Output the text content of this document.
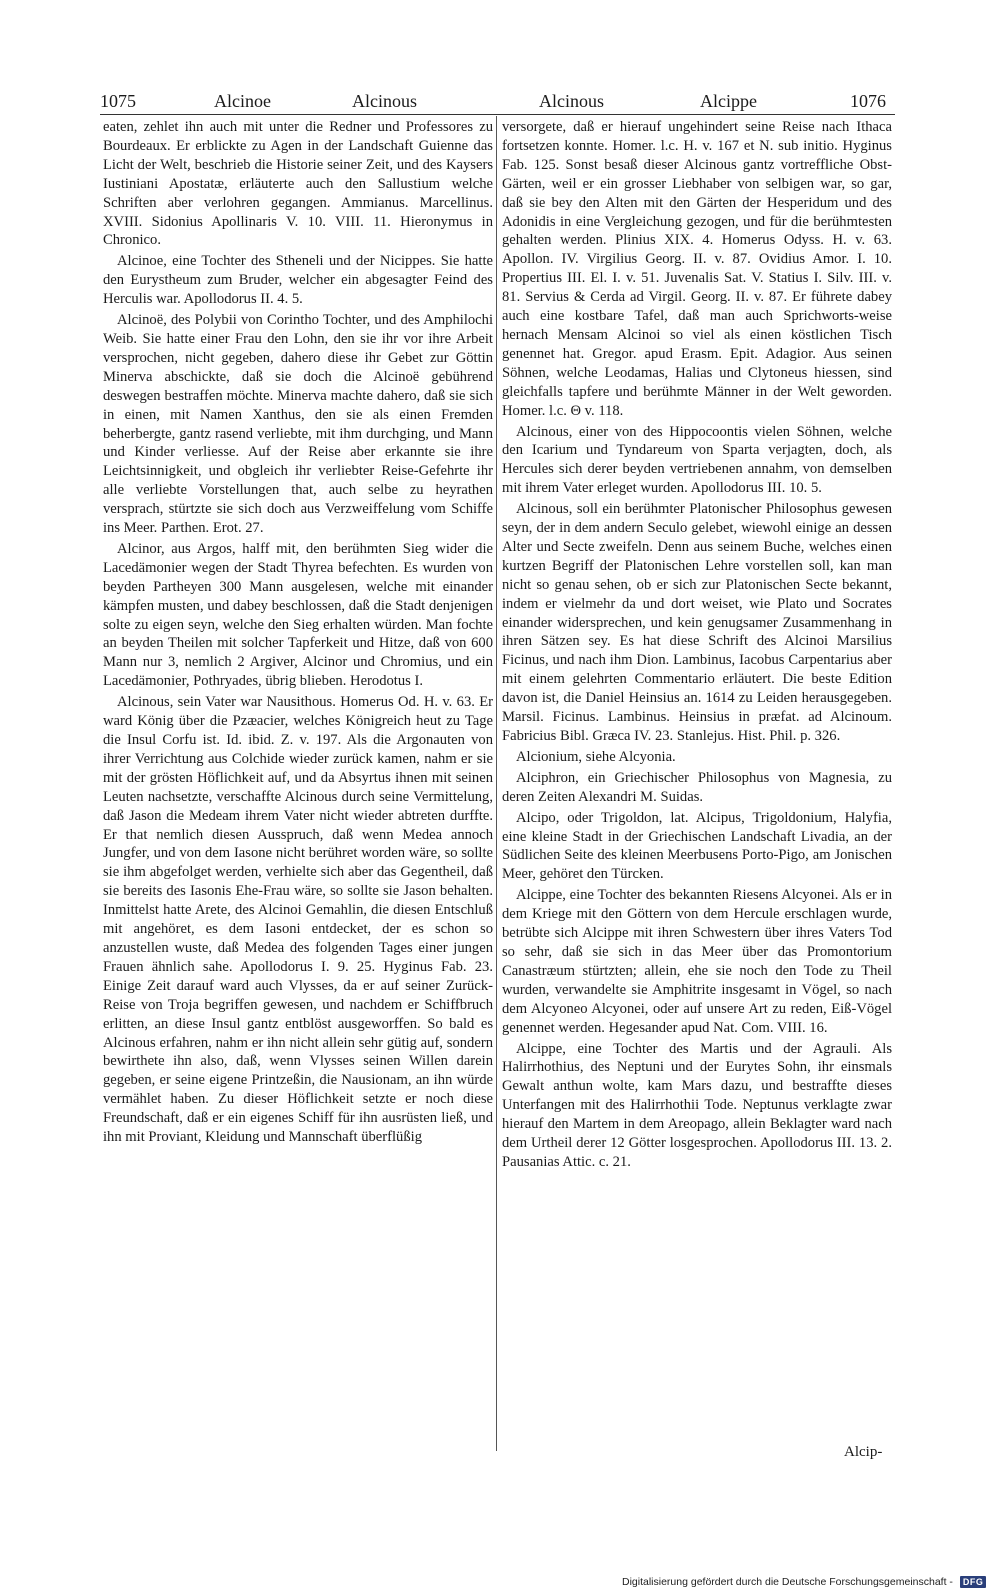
1075	Alcinoe	Alcinous	Alcinous	Alcippe	1076

eaten, zehlet ihn auch mit unter die Redner und Professores zu Bourdeaux. Er erblickte zu Agen in der Landschaft Guienne das Licht der Welt, beschrieb die Historie seiner Zeit, und des Kaysers Iustiniani Apostatæ, erläuterte auch den Sallustium welche Schriften aber verlohren gegangen. Ammianus. Marcellinus. XVIII. Sidonius Apollinaris V. 10. VIII. 11. Hieronymus in Chronico.

Alcinoe, eine Tochter des Stheneli und der Nicippes. Sie hatte den Eurystheum zum Bruder, welcher ein abgesagter Feind des Herculis war. Apollodorus II. 4. 5.

Alcinoë, des Polybii von Corintho Tochter, und des Amphilochi Weib. Sie hatte einer Frau den Lohn, den sie ihr vor ihre Arbeit versprochen, nicht gegeben, dahero diese ihr Gebet zur Göttin Minerva abschickte, daß sie doch die Alcinoë gebührend deswegen bestraffen möchte. Minerva machte dahero, daß sie sich in einen, mit Namen Xanthus, den sie als einen Fremden beherbergte, gantz rasend verliebte, mit ihm durchging, und Mann und Kinder verliesse. Auf der Reise aber erkannte sie ihre Leichtsinnigkeit, und obgleich ihr verliebter Reise-Gefehrte ihr alle verliebte Vorstellungen that, auch selbe zu heyrathen versprach, stürtzte sie sich doch aus Verzweiffelung vom Schiffe ins Meer. Parthen. Erot. 27.

Alcinor, aus Argos, halff mit, den berühmten Sieg wider die Lacedämonier wegen der Stadt Thyrea befechten. Es wurden von beyden Partheyen 300 Mann ausgelesen, welche mit einander kämpfen musten, und dabey beschlossen, daß die Stadt denjenigen solte zu eigen seyn, welche den Sieg erhalten würden. Man fochte an beyden Theilen mit solcher Tapferkeit und Hitze, daß von 600 Mann nur 3, nemlich 2 Argiver, Alcinor und Chromius, und ein Lacedämonier, Pothryades, übrig blieben. Herodotus I.

Alcinous, sein Vater war Nausithous. Homerus Od. H. v. 63. Er ward König über die Pzæacier, welches Königreich heut zu Tage die Insul Corfu ist. Id. ibid. Z. v. 197. Als die Argonauten von ihrer Verrichtung aus Colchide wieder zurück kamen, nahm er sie mit der grösten Höflichkeit auf, und da Absyrtus ihnen mit seinen Leuten nachsetzte, verschaffte Alcinous durch seine Vermittelung, daß Jason die Medeam ihrem Vater nicht wieder abtreten durffte. Er that nemlich diesen Ausspruch, daß wenn Medea annoch Jungfer, und von dem Iasone nicht berühret worden wäre, so sollte sie ihm abgefolget werden, verhielte sich aber das Gegentheil, daß sie bereits des Iasonis Ehe-Frau wäre, so sollte sie Jason behalten. Inmittelst hatte Arete, des Alcinoi Gemahlin, die diesen Entschluß mit angehöret, es dem Iasoni entdecket, der es schon so anzustellen wuste, daß Medea des folgenden Tages einer jungen Frauen ähnlich sahe. Apollodorus I. 9. 25. Hyginus Fab. 23. Einige Zeit darauf ward auch Vlysses, da er auf seiner Zurück-Reise von Troja begriffen gewesen, und nachdem er Schiffbruch erlitten, an diese Insul gantz entblöst ausgeworffen. So bald es Alcinous erfahren, nahm er ihn nicht allein sehr gütig auf, sondern bewirthete ihn also, daß, wenn Vlysses seinen Willen darein gegeben, er seine eigene Printzeßin, die Nausionam, an ihn würde vermählet haben. Zu dieser Höflichkeit setzte er noch diese Freundschaft, daß er ein eigenes Schiff für ihn ausrüsten ließ, und ihn mit Proviant, Kleidung und Mannschaft überflüßig

versorgete, daß er hierauf ungehindert seine Reise nach Ithaca fortsetzen konnte. Homer. l.c. H. v. 167 et N. sub initio. Hyginus Fab. 125. Sonst besaß dieser Alcinous gantz vortreffliche Obst-Gärten, weil er ein grosser Liebhaber von selbigen war, so gar, daß sie bey den Alten mit den Gärten der Hesperidum und des Adonidis in eine Vergleichung gezogen, und für die berühmtesten gehalten werden. Plinius XIX. 4. Homerus Odyss. H. v. 63. Apollon. IV. Virgilius Georg. II. v. 87. Ovidius Amor. I. 10. Propertius III. El. I. v. 51. Juvenalis Sat. V. Statius I. Silv. III. v. 81. Servius & Cerda ad Virgil. Georg. II. v. 87. Er führete dabey auch eine kostbare Tafel, daß man auch Sprichworts-weise hernach Mensam Alcinoi so viel als einen köstlichen Tisch genennet hat. Gregor. apud Erasm. Epit. Adagior. Aus seinen Söhnen, welche Leodamas, Halias und Clytoneus hiessen, sind gleichfalls tapfere und berühmte Männer in der Welt geworden. Homer. l.c. Θ v. 118.

Alcinous, einer von des Hippocoontis vielen Söhnen, welche den Icarium und Tyndareum von Sparta verjagten, doch, als Hercules sich derer beyden vertriebenen annahm, von demselben mit ihrem Vater erleget wurden. Apollodorus III. 10. 5.

Alcinous, soll ein berühmter Platonischer Philosophus gewesen seyn, der in dem andern Seculo gelebet, wiewohl einige an dessen Alter und Secte zweifeln. Denn aus seinem Buche, welches einen kurtzen Begriff der Platonischen Lehre vorstellen soll, kan man nicht so genau sehen, ob er sich zur Platonischen Secte bekannt, indem er vielmehr da und dort weiset, wie Plato und Socrates einander widersprechen, und kein genugsamer Zusammenhang in ihren Sätzen sey. Es hat diese Schrift des Alcinoi Marsilius Ficinus, und nach ihm Dion. Lambinus, Iacobus Carpentarius aber mit einem gelehrten Commentario erläutert. Die beste Edition davon ist, die Daniel Heinsius an. 1614 zu Leiden herausgegeben. Marsil. Ficinus. Lambinus. Heinsius in præfat. ad Alcinoum. Fabricius Bibl. Græca IV. 23. Stanlejus. Hist. Phil. p. 326.

Alcionium, siehe Alcyonia.

Alciphron, ein Griechischer Philosophus von Magnesia, zu deren Zeiten Alexandri M. Suidas.

Alcipo, oder Trigoldon, lat. Alcipus, Trigoldonium, Halyfia, eine kleine Stadt in der Griechischen Landschaft Livadia, an der Südlichen Seite des kleinen Meerbusens Porto-Pigo, am Jonischen Meer, gehöret den Türcken.

Alcippe, eine Tochter des bekannten Riesens Alcyonei. Als er in dem Kriege mit den Göttern von dem Hercule erschlagen wurde, betrübte sich Alcippe mit ihren Schwestern über ihres Vaters Tod so sehr, daß sie sich in das Meer über das Promontorium Canastræum stürtzten; allein, ehe sie noch den Tode zu Theil wurden, verwandelte sie Amphitrite insgesamt in Vögel, so nach dem Alcyoneo Alcyonei, oder auf unsere Art zu reden, Eiß-Vögel genennet werden. Hegesander apud Nat. Com. VIII. 16.

Alcippe, eine Tochter des Martis und der Agrauli. Als Halirrhothius, des Neptuni und der Eurytes Sohn, ihr einsmals Gewalt anthun wolte, kam Mars dazu, und bestraffte dieses Unterfangen mit des Halirrhothii Tode. Neptunus verklagte zwar hierauf den Martem in dem Areopago, allein Beklagter ward nach dem Urtheil derer 12 Götter losgesprochen. Apollodorus III. 13. 2. Pausanias Attic. c. 21.

Alcip-
Digitalisierung gefördert durch die Deutsche Forschungsgemeinschaft - DFG
